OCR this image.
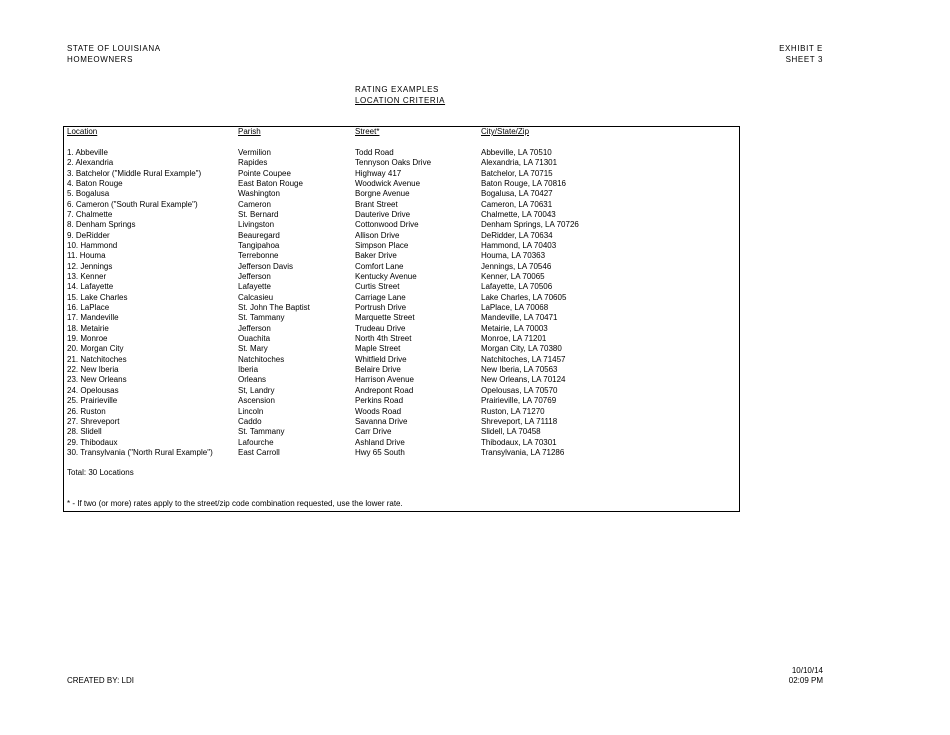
STATE OF LOUISIANA
HOMEOWNERS
EXHIBIT E
SHEET 3
RATING EXAMPLES
LOCATION CRITERIA
Location	Parish	Street*	City/State/Zip
1. Abbeville	Vermilion	Todd Road	Abbeville, LA 70510
2. Alexandria	Rapides	Tennyson Oaks Drive	Alexandria, LA 71301
3. Batchelor ("Middle Rural Example")	Pointe Coupee	Highway 417	Batchelor, LA 70715
4. Baton Rouge	East Baton Rouge	Woodwick Avenue	Baton Rouge, LA 70816
5. Bogalusa	Washington	Borgne Avenue	Bogalusa, LA 70427
6. Cameron ("South Rural Example")	Cameron	Brant Street	Cameron, LA 70631
7. Chalmette	St. Bernard	Dauterive Drive	Chalmette, LA 70043
8. Denham Springs	Livingston	Cottonwood Drive	Denham Springs, LA 70726
9. DeRidder	Beauregard	Allison Drive	DeRidder, LA 70634
10. Hammond	Tangipahoa	Simpson Place	Hammond, LA 70403
11. Houma	Terrebonne	Baker Drive	Houma, LA 70363
12. Jennings	Jefferson Davis	Comfort Lane	Jennings, LA 70546
13. Kenner	Jefferson	Kentucky Avenue	Kenner, LA 70065
14. Lafayette	Lafayette	Curtis Street	Lafayette, LA 70506
15. Lake Charles	Calcasieu	Carriage Lane	Lake Charles, LA 70605
16. LaPlace	St. John The Baptist	Portrush Drive	LaPlace, LA 70068
17. Mandeville	St. Tammany	Marquette Street	Mandeville, LA 70471
18. Metairie	Jefferson	Trudeau Drive	Metairie, LA 70003
19. Monroe	Ouachita	North 4th Street	Monroe, LA 71201
20. Morgan City	St. Mary	Maple Street	Morgan City, LA 70380
21. Natchitoches	Natchitoches	Whitfield Drive	Natchitoches, LA 71457
22. New Iberia	Iberia	Belaire Drive	New Iberia, LA 70563
23. New Orleans	Orleans	Harrison Avenue	New Orleans, LA 70124
24. Opelousas	St, Landry	Andrepont Road	Opelousas, LA 70570
25. Prairieville	Ascension	Perkins Road	Prairieville, LA 70769
26. Ruston	Lincoln	Woods Road	Ruston, LA 71270
27. Shreveport	Caddo	Savanna Drive	Shreveport, LA 71118
28. Slidell	St. Tammany	Carr Drive	Slidell, LA 70458
29. Thibodaux	Lafourche	Ashland Drive	Thibodaux, LA 70301
30. Transylvania ("North Rural Example")	East Carroll	Hwy 65 South	Transylvania, LA 71286
Total: 30 Locations
* - If two (or more) rates apply to the street/zip code combination requested, use the lower rate.
CREATED BY: LDI
10/10/14
02:09 PM
